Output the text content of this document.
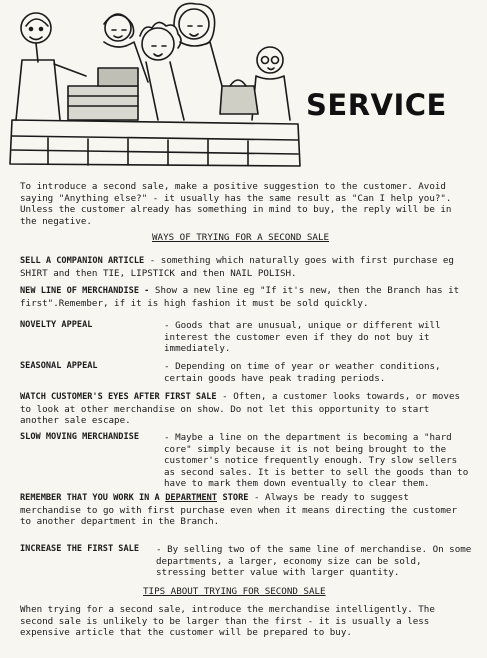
SERVICE

To introduce a second sale, make a positive suggestion to the customer. Avoid saying "Anything else?" - it usually has the same result as "Can I help you?". Unless the customer already has something in mind to buy, the reply will be in the negative.

WAYS OF TRYING FOR A SECOND SALE
SELL A COMPANION ARTICLE - something which naturally goes with first purchase eg SHIRT and then TIE, LIPSTICK and then NAIL POLISH.
NEW LINE OF MERCHANDISE - Show a new line eg "If it's new, then the Branch has it first".Remember, if it is high fashion it must be sold quickly.
NOVELTY APPEAL	- Goods that are unusual, unique or different will interest the customer even if they do not buy it immediately.
SEASONAL APPEAL	- Depending on time of year or weather conditions, certain goods have peak trading periods.
WATCH CUSTOMER'S EYES AFTER FIRST SALE - Often, a customer looks towards, or moves to look at other merchandise on show. Do not let this opportunity to start another sale escape.
SLOW MOVING MERCHANDISE	- Maybe a line on the department is becoming a "hard core" simply because it is not being brought to the customer's notice frequently enough. Try slow sellers as second sales. It is better to sell the goods than to have to mark them down eventually to clear them.
REMEMBER THAT YOU WORK IN A DEPARTMENT STORE - Always be ready to suggest merchandise to go with first purchase even when it means directing the customer to another department in the Branch.
INCREASE THE FIRST SALE - By selling two of the same line of merchandise. On some departments, a larger, economy size can be sold, stressing better value with larger quantity.
TIPS ABOUT TRYING FOR SECOND SALE

When trying for a second sale, introduce the merchandise intelligently. The second sale is unlikely to be larger than the first - it is usually a less expensive article that the customer will be prepared to buy.
